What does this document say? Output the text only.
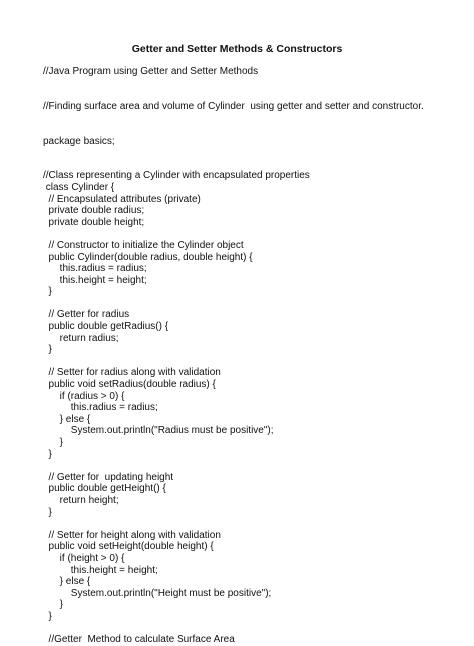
Getter and Setter Methods & Constructors
//Java Program using Getter and Setter Methods
//Finding surface area and volume of Cylinder  using getter and setter and constructor.
package basics;
//Class representing a Cylinder with encapsulated properties
class Cylinder {
// Encapsulated attributes (private)
private double radius;
private double height;
// Constructor to initialize the Cylinder object
public Cylinder(double radius, double height) {
this.radius = radius;
this.height = height;
}
// Getter for radius
public double getRadius() {
return radius;
}
// Setter for radius along with validation
public void setRadius(double radius) {
if (radius > 0) {
this.radius = radius;
} else {
System.out.println("Radius must be positive");
}
}
// Getter for  updating height
public double getHeight() {
return height;
}
// Setter for height along with validation
public void setHeight(double height) {
if (height > 0) {
this.height = height;
} else {
System.out.println("Height must be positive");
}
}
//Getter  Method to calculate Surface Area
